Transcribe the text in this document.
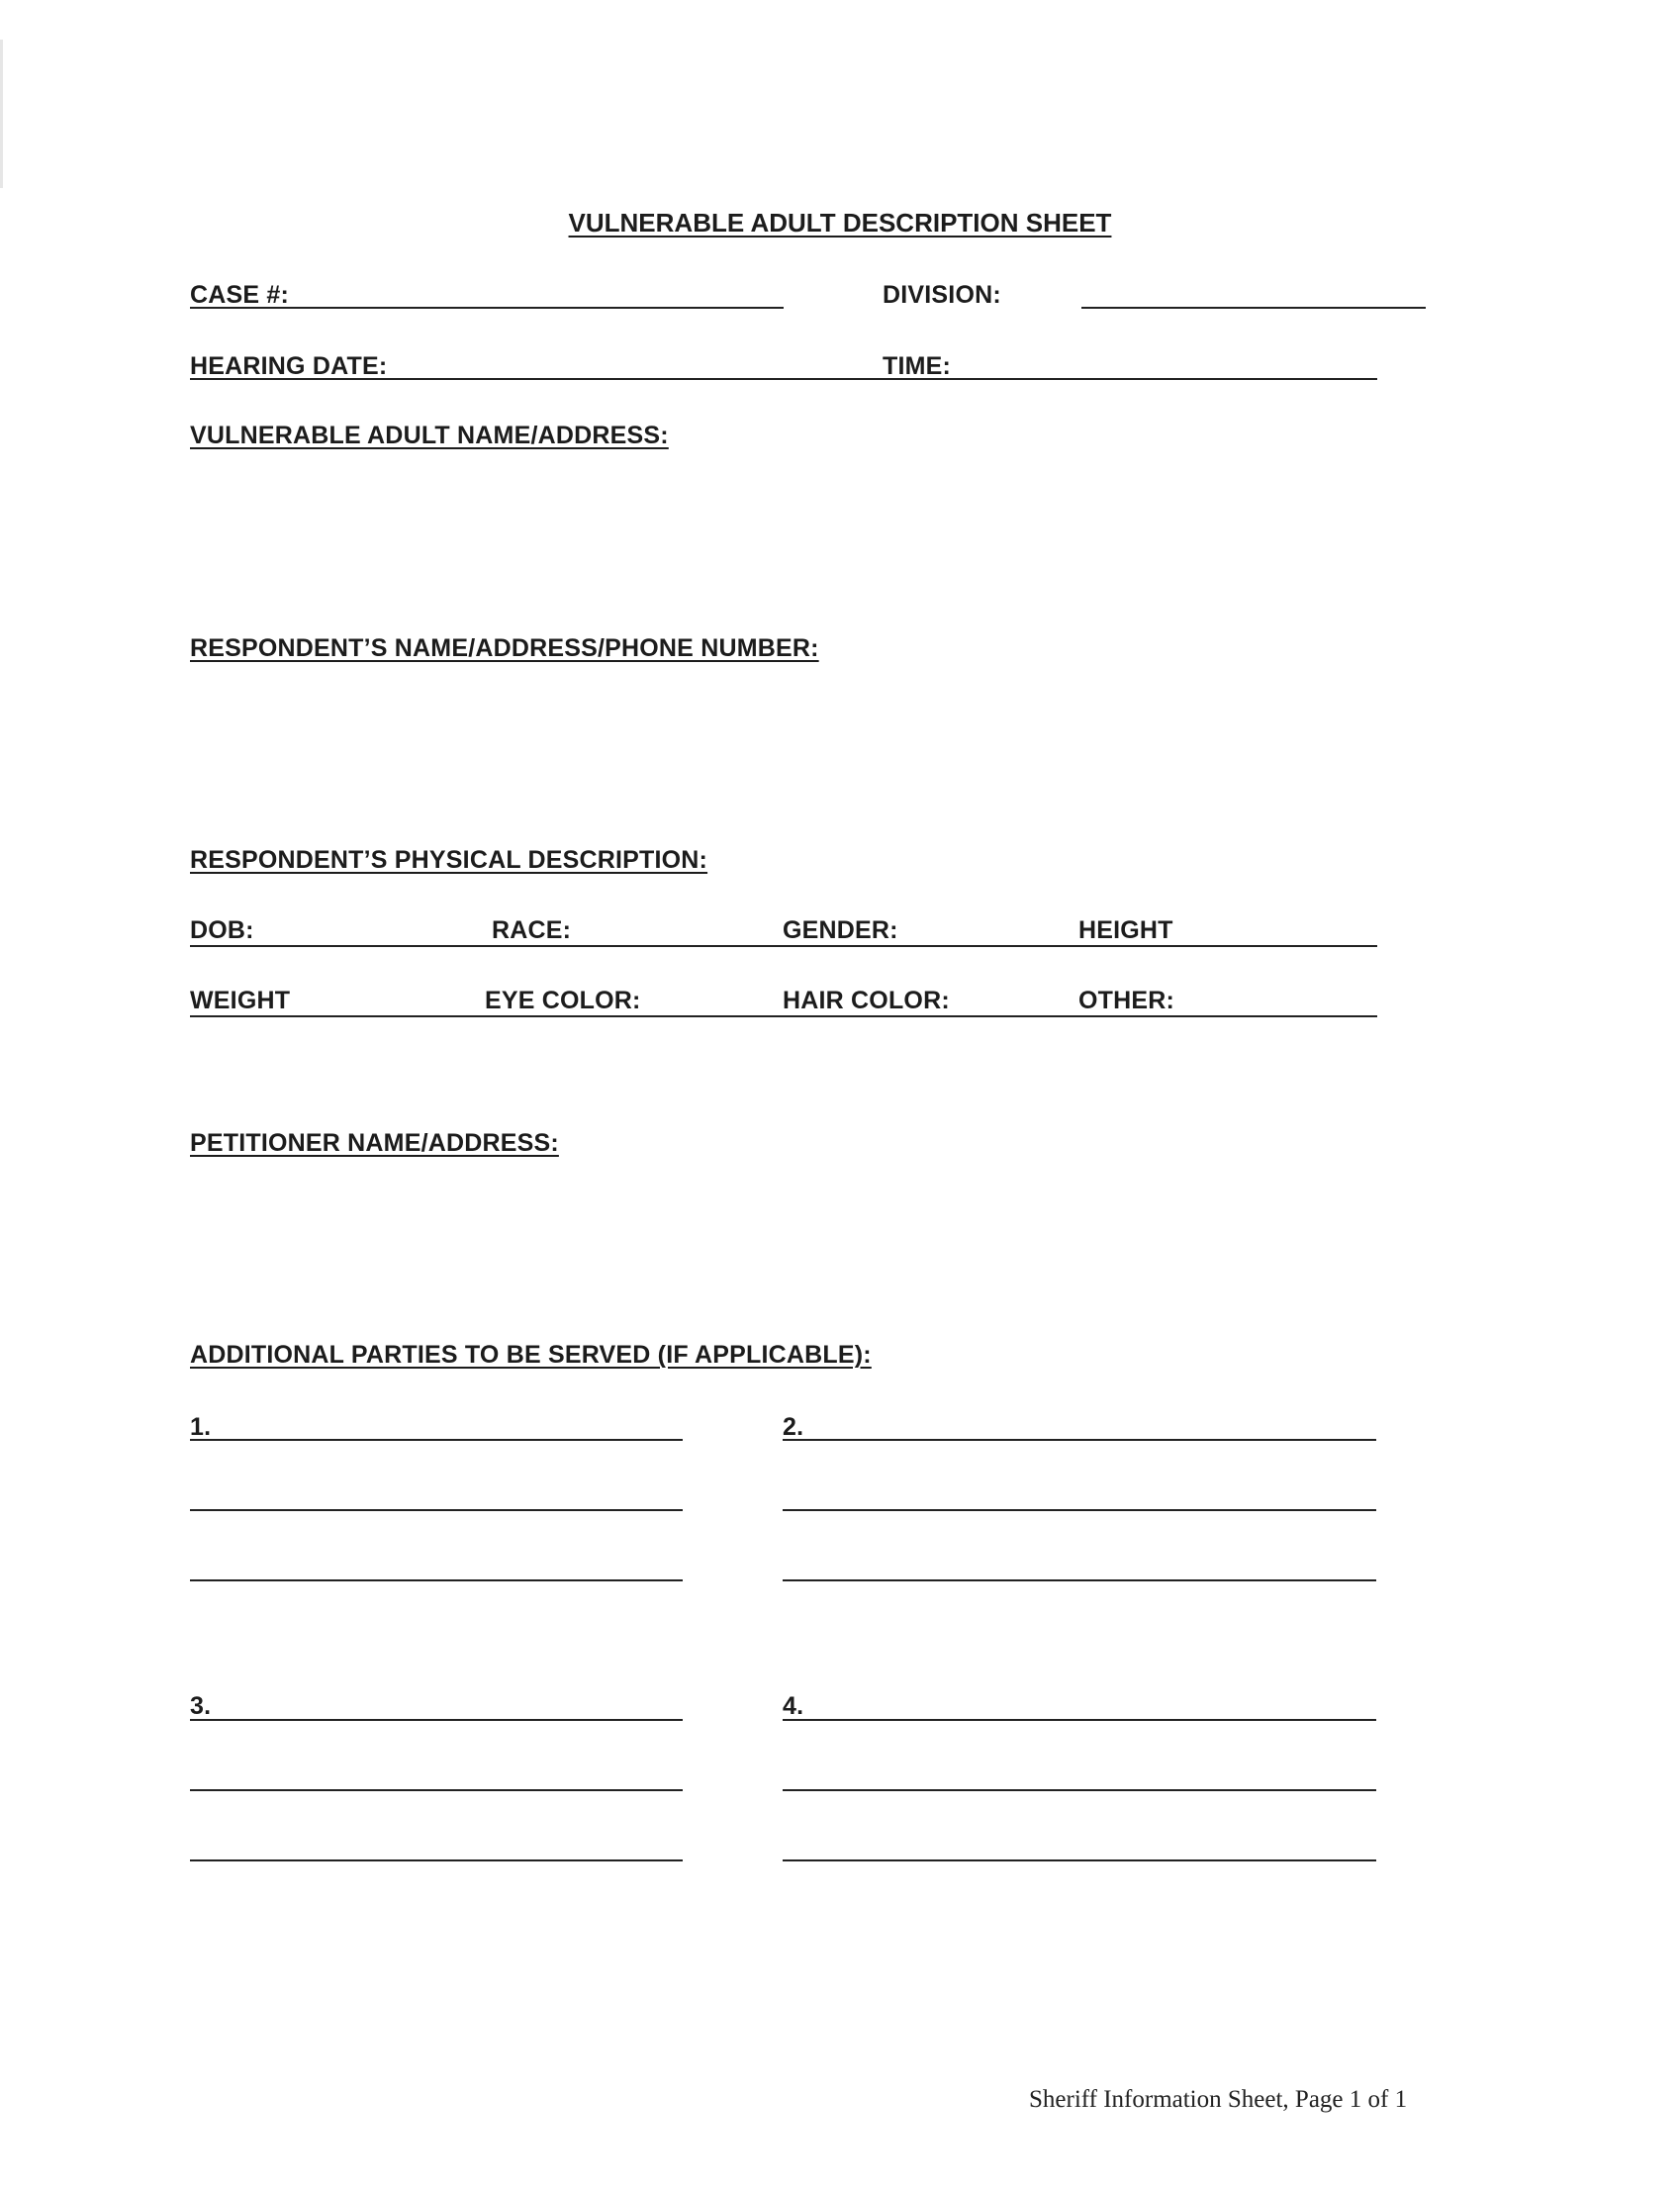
VULNERABLE ADULT DESCRIPTION SHEET
CASE #:	DIVISION:
HEARING DATE:	TIME:
VULNERABLE ADULT NAME/ADDRESS:
RESPONDENT’S NAME/ADDRESS/PHONE NUMBER:
RESPONDENT’S PHYSICAL DESCRIPTION:
DOB:	RACE:	GENDER:	HEIGHT
WEIGHT	EYE COLOR:	HAIR COLOR:	OTHER:
PETITIONER NAME/ADDRESS:
ADDITIONAL PARTIES TO BE SERVED (IF APPLICABLE):
1.	2.
3.	4.
Sheriff Information Sheet, Page 1 of 1
